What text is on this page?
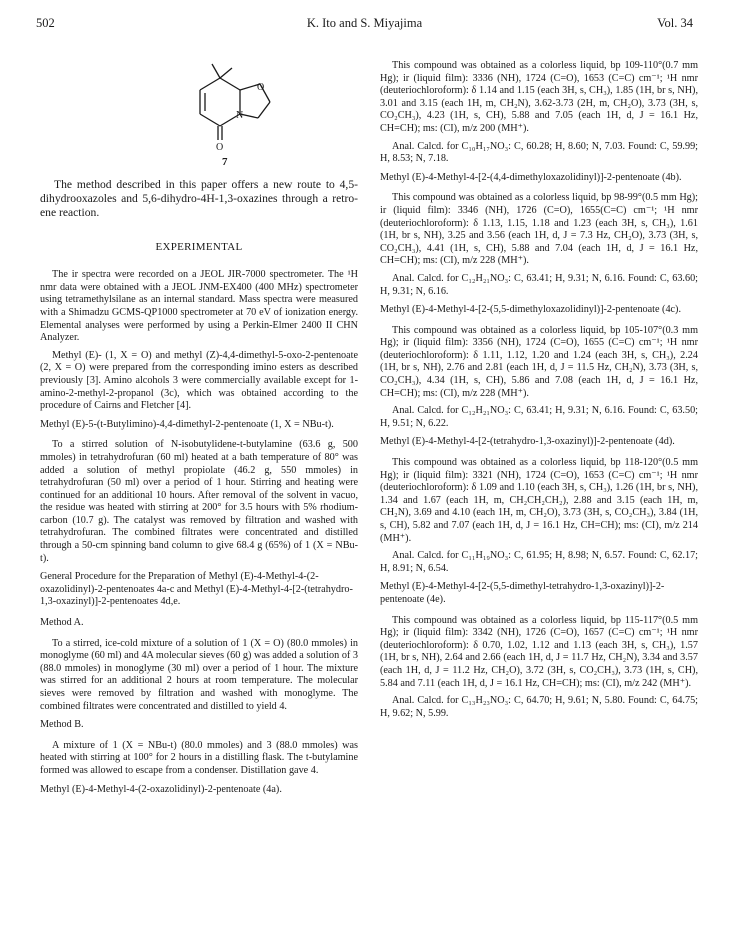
502	K. Ito and S. Miyajima	Vol. 34
O
N
O
7

The method described in this paper offers a new route to 4,5-dihydrooxazoles and 5,6-dihydro-4H-1,3-oxazines through a retro-ene reaction.

EXPERIMENTAL

The ir spectra were recorded on a JEOL JIR-7000 spectrometer. The ¹H nmr data were obtained with a JEOL JNM-EX400 (400 MHz) spectrometer using tetramethylsilane as an internal standard. Mass spectra were measured with a Shimadzu GCMS-QP1000 spectrometer at 70 eV of ionization energy. Elemental analyses were performed by using a Perkin-Elmer 2400 II CHN Analyzer.

Methyl (E)- (1, X = O) and methyl (Z)-4,4-dimethyl-5-oxo-2-pentenoate (2, X = O) were prepared from the corresponding imino esters as described previously [3]. Amino alcohols 3 were commercially available except for 1-amino-2-methyl-2-propanol (3c), which was obtained according to the procedure of Cairns and Fletcher [4].

Methyl (E)-5-(t-Butylimino)-4,4-dimethyl-2-pentenoate (1, X = NBu-t).

To a stirred solution of N-isobutylidene-t-butylamine (63.6 g, 500 mmoles) in tetrahydrofuran (60 ml) heated at a bath temperature of 80° was added a solution of methyl propiolate (46.2 g, 550 mmoles) in tetrahydrofuran (50 ml) over a period of 1 hour. Stirring and heating were continued for an additional 10 hours. After removal of the solvent in vacuo, the residue was heated with stirring at 200° for 3.5 hours with 5% rhodium-carbon (10.7 g). The catalyst was removed by filtration and washed with tetrahydrofuran. The combined filtrates were concentrated and distilled through a 50-cm spinning band column to give 68.4 g (65%) of 1 (X = NBu-t).

General Procedure for the Preparation of Methyl (E)-4-Methyl-4-(2-oxazolidinyl)-2-pentenoates 4a-c and Methyl (E)-4-Methyl-4-[2-(tetrahydro-1,3-oxazinyl)]-2-pentenoates 4d,e.

Method A.

To a stirred, ice-cold mixture of a solution of 1 (X = O) (80.0 mmoles) in monoglyme (60 ml) and 4A molecular sieves (60 g) was added a solution of 3 (88.0 mmoles) in monoglyme (30 ml) over a period of 1 hour. The mixture was stirred for an additional 2 hours at room temperature. The molecular sieves were removed by filtration and washed with monoglyme. The combined filtrates were concentrated and distilled to yield 4.

Method B.

A mixture of 1 (X = NBu-t) (80.0 mmoles) and 3 (88.0 mmoles) was heated with stirring at 100° for 2 hours in a distilling flask. The t-butylamine formed was allowed to escape from a condenser. Distillation gave 4.

Methyl (E)-4-Methyl-4-(2-oxazolidinyl)-2-pentenoate (4a).

This compound was obtained as a colorless liquid, bp 109-110°(0.7 mm Hg); ir (liquid film): 3336 (NH), 1724 (C=O), 1653 (C=C) cm⁻¹; ¹H nmr (deuteriochloroform): δ 1.14 and 1.15 (each 3H, s, CH₃), 1.85 (1H, br s, NH), 3.01 and 3.15 (each 1H, m, CH₂N), 3.62-3.73 (2H, m, CH₂O), 3.73 (3H, s, CO₂CH₃), 4.23 (1H, s, CH), 5.88 and 7.05 (each 1H, d, J = 16.1 Hz, CH=CH); ms: (CI), m/z 200 (MH⁺).

Anal. Calcd. for C₁₀H₁₇NO₃: C, 60.28; H, 8.60; N, 7.03. Found: C, 59.99; H, 8.53; N, 7.18.

Methyl (E)-4-Methyl-4-[2-(4,4-dimethyloxazolidinyl)]-2-pentenoate (4b).

This compound was obtained as a colorless liquid, bp 98-99°(0.5 mm Hg); ir (liquid film): 3346 (NH), 1726 (C=O), 1655(C=C) cm⁻¹; ¹H nmr (deuteriochloroform): δ 1.13, 1.15, 1.18 and 1.23 (each 3H, s, CH₃), 1.61 (1H, br s, NH), 3.25 and 3.56 (each 1H, d, J = 7.3 Hz, CH₂O), 3.73 (3H, s, CO₂CH₃), 4.41 (1H, s, CH), 5.88 and 7.04 (each 1H, d, J = 16.1 Hz, CH=CH); ms: (CI), m/z 228 (MH⁺).

Anal. Calcd. for C₁₂H₂₁NO₃: C, 63.41; H, 9.31; N, 6.16. Found: C, 63.60; H, 9.31; N, 6.16.

Methyl (E)-4-Methyl-4-[2-(5,5-dimethyloxazolidinyl)]-2-pentenoate (4c).

This compound was obtained as a colorless liquid, bp 105-107°(0.3 mm Hg); ir (liquid film): 3356 (NH), 1724 (C=O), 1655 (C=C) cm⁻¹; ¹H nmr (deuteriochloroform): δ 1.11, 1.12, 1.20 and 1.24 (each 3H, s, CH₃), 2.24 (1H, br s, NH), 2.76 and 2.81 (each 1H, d, J = 11.5 Hz, CH₂N), 3.73 (3H, s, CO₂CH₃), 4.34 (1H, s, CH), 5.86 and 7.08 (each 1H, d, J = 16.1 Hz, CH=CH); ms: (CI), m/z 228 (MH⁺).

Anal. Calcd. for C₁₂H₂₁NO₃: C, 63.41; H, 9.31; N, 6.16. Found: C, 63.50; H, 9.51; N, 6.22.

Methyl (E)-4-Methyl-4-[2-(tetrahydro-1,3-oxazinyl)]-2-pentenoate (4d).

This compound was obtained as a colorless liquid, bp 118-120°(0.5 mm Hg); ir (liquid film): 3321 (NH), 1724 (C=O), 1653 (C=C) cm⁻¹; ¹H nmr (deuteriochloroform): δ 1.09 and 1.10 (each 3H, s, CH₃), 1.26 (1H, br s, NH), 1.34 and 1.67 (each 1H, m, CH₂CH₂CH₂), 2.88 and 3.15 (each 1H, m, CH₂N), 3.69 and 4.10 (each 1H, m, CH₂O), 3.73 (3H, s, CO₂CH₃), 3.84 (1H, s, CH), 5.82 and 7.07 (each 1H, d, J = 16.1 Hz, CH=CH); ms: (CI), m/z 214 (MH⁺).

Anal. Calcd. for C₁₁H₁₉NO₃: C, 61.95; H, 8.98; N, 6.57. Found: C, 62.17; H, 8.91; N, 6.54.

Methyl (E)-4-Methyl-4-[2-(5,5-dimethyl-tetrahydro-1,3-oxazinyl)]-2-pentenoate (4e).

This compound was obtained as a colorless liquid, bp 115-117°(0.5 mm Hg); ir (liquid film): 3342 (NH), 1726 (C=O), 1657 (C=C) cm⁻¹; ¹H nmr (deuteriochloroform): δ 0.70, 1.02, 1.12 and 1.13 (each 3H, s, CH₃), 1.57 (1H, br s, NH), 2.64 and 2.66 (each 1H, d, J = 11.7 Hz, CH₂N), 3.34 and 3.57 (each 1H, d, J = 11.2 Hz, CH₂O), 3.72 (3H, s, CO₂CH₃), 3.73 (1H, s, CH), 5.84 and 7.11 (each 1H, d, J = 16.1 Hz, CH=CH); ms: (CI), m/z 242 (MH⁺).

Anal. Calcd. for C₁₃H₂₃NO₃: C, 64.70; H, 9.61; N, 5.80. Found: C, 64.75; H, 9.62; N, 5.99.
